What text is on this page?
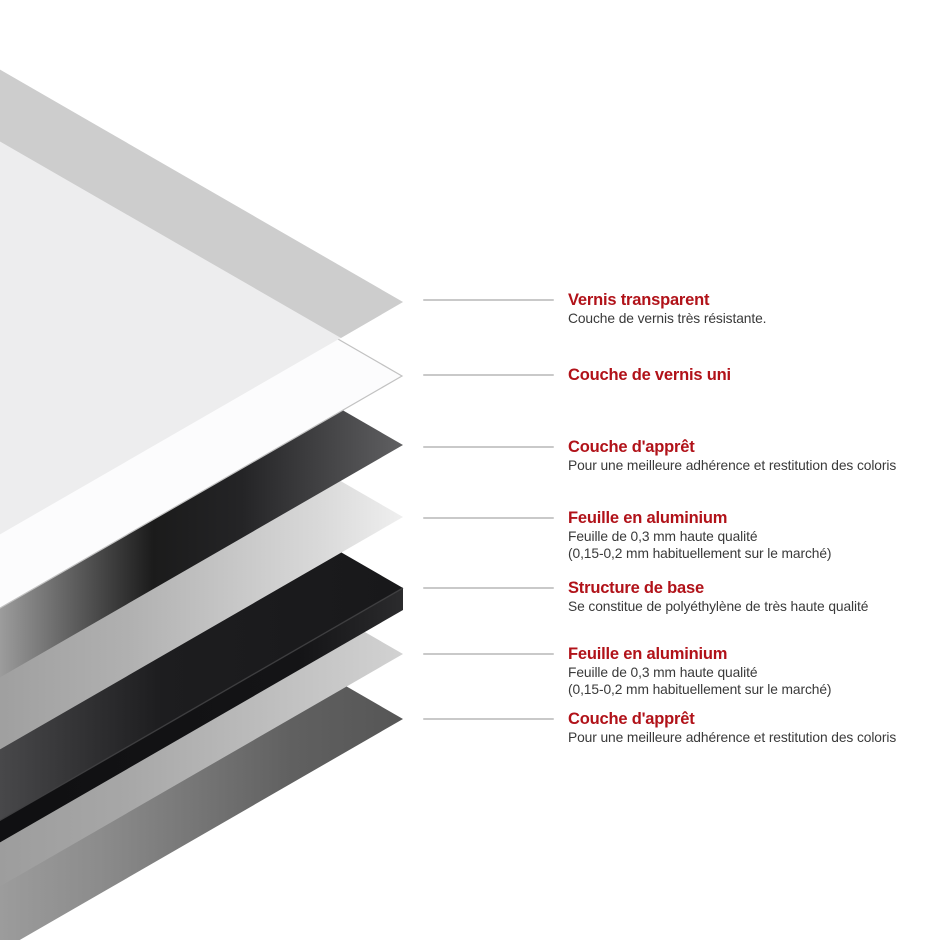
Vernis transparent
Couche de vernis très résistante.
Couche de vernis uni
Couche d'apprêt
Pour une meilleure adhérence et restitution des coloris
Feuille en aluminium
Feuille de 0,3 mm haute qualité
(0,15-0,2 mm habituellement sur le marché)
Structure de base
Se constitue de polyéthylène de très haute qualité
Feuille en aluminium
Feuille de 0,3 mm haute qualité
(0,15-0,2 mm habituellement sur le marché)
Couche d'apprêt
Pour une meilleure adhérence et restitution des coloris
